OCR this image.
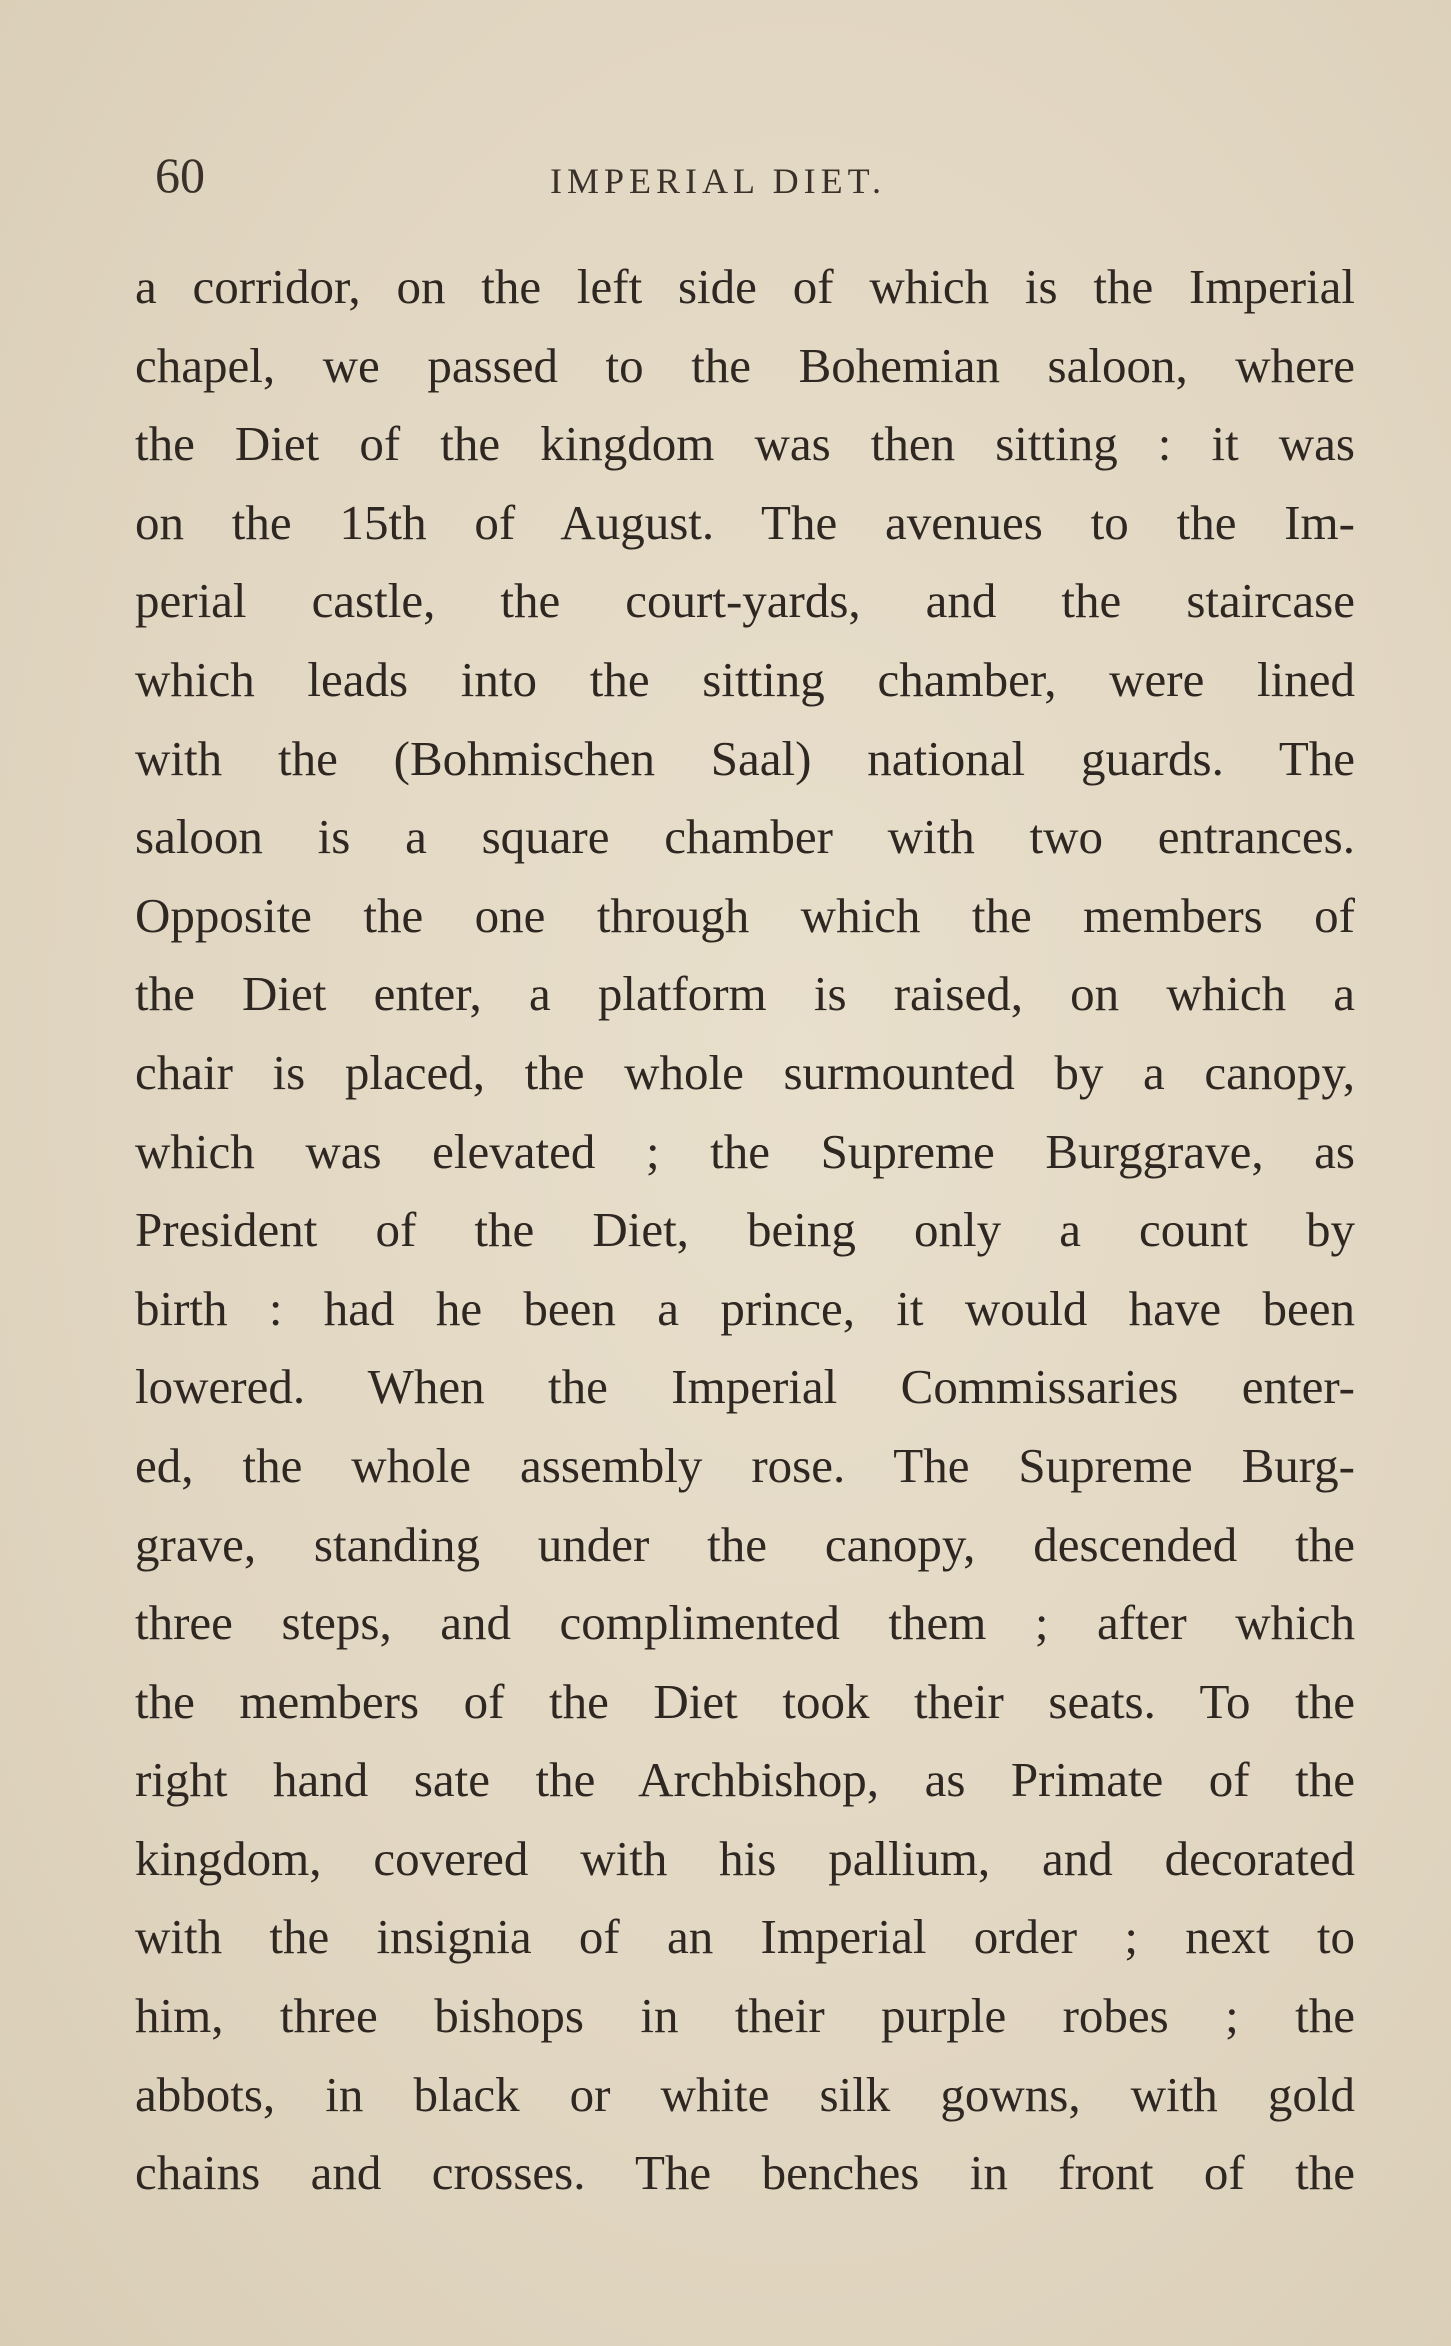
60	IMPERIAL DIET.
a corridor, on the left side of which is the Imperial
chapel, we passed to the Bohemian saloon, where
the Diet of the kingdom was then sitting : it was
on the 15th of August. The avenues to the Im-
perial castle, the court-yards, and the staircase
which leads into the sitting chamber, were lined
with the (Bohmischen Saal) national guards. The
saloon is a square chamber with two entrances.
Opposite the one through which the members of
the Diet enter, a platform is raised, on which a
chair is placed, the whole surmounted by a canopy,
which was elevated ; the Supreme Burggrave, as
President of the Diet, being only a count by
birth : had he been a prince, it would have been
lowered. When the Imperial Commissaries enter-
ed, the whole assembly rose. The Supreme Burg-
grave, standing under the canopy, descended the
three steps, and complimented them ; after which
the members of the Diet took their seats. To the
right hand sate the Archbishop, as Primate of the
kingdom, covered with his pallium, and decorated
with the insignia of an Imperial order ; next to
him, three bishops in their purple robes ; the
abbots, in black or white silk gowns, with gold
chains and crosses. The benches in front of the
